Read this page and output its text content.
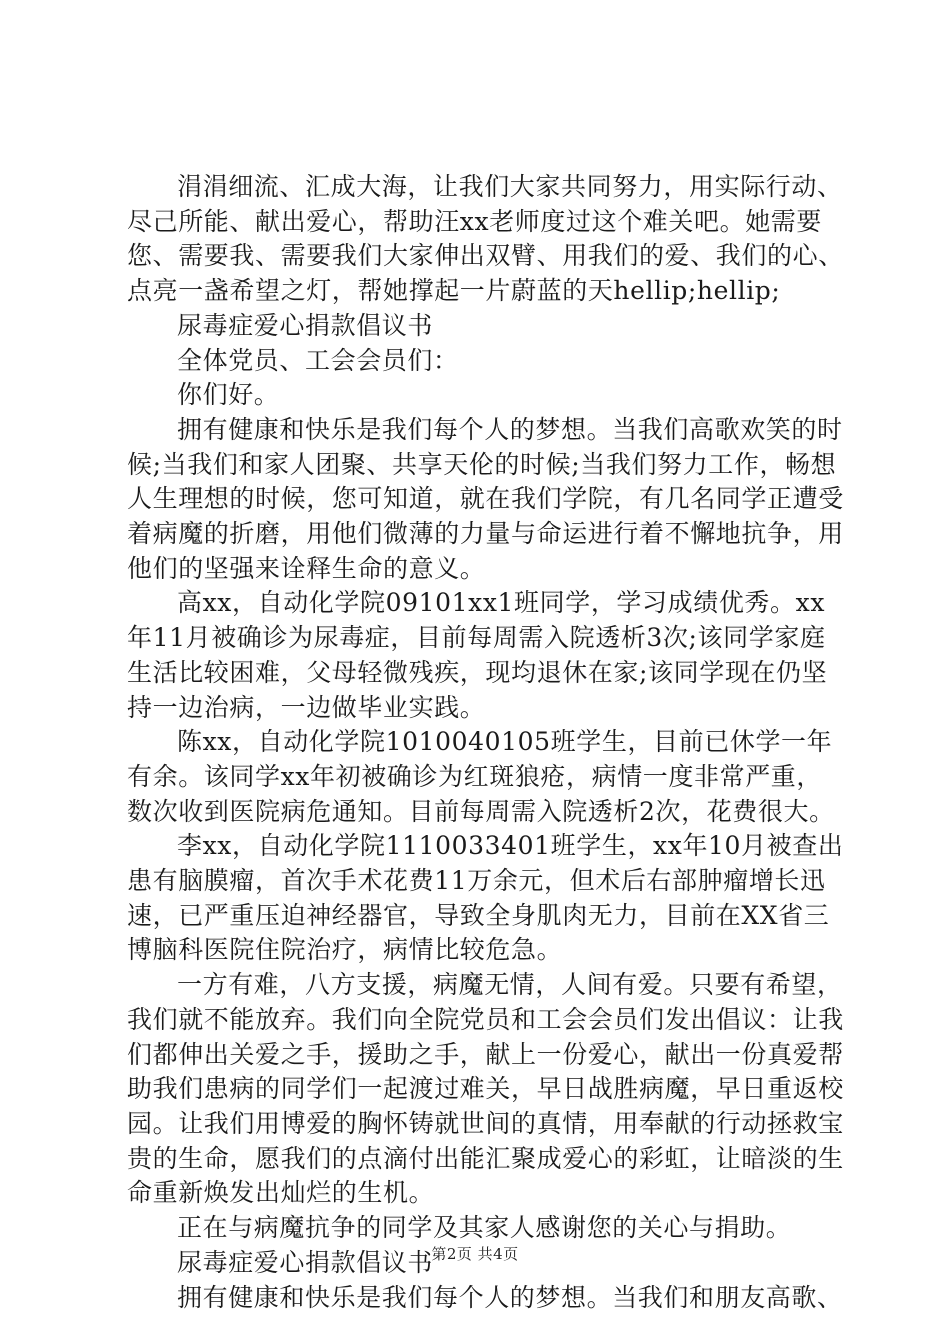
涓涓细流、汇成大海，让我们大家共同努力，用实际行动、尽己所能、献出爱心，帮助汪xx老师度过这个难关吧。她需要您、需要我、需要我们大家伸出双臂、用我们的爱、我们的心、点亮一盏希望之灯，帮她撑起一片蔚蓝的天hellip;hellip;

尿毒症爱心捐款倡议书

全体党员、工会会员们：

你们好。

拥有健康和快乐是我们每个人的梦想。当我们高歌欢笑的时候;当我们和家人团聚、共享天伦的时候;当我们努力工作，畅想人生理想的时候，您可知道，就在我们学院，有几名同学正遭受着病魔的折磨，用他们微薄的力量与命运进行着不懈地抗争，用他们的坚强来诠释生命的意义。

高xx，自动化学院09101xx1班同学，学习成绩优秀。xx年11月被确诊为尿毒症，目前每周需入院透析3次;该同学家庭生活比较困难，父母轻微残疾，现均退休在家;该同学现在仍坚持一边治病，一边做毕业实践。

陈xx，自动化学院1010040105班学生，目前已休学一年有余。该同学xx年初被确诊为红斑狼疮，病情一度非常严重，数次收到医院病危通知。目前每周需入院透析2次，花费很大。

李xx，自动化学院1110033401班学生，xx年10月被查出患有脑膜瘤，首次手术花费11万余元，但术后右部肿瘤增长迅速，已严重压迫神经器官，导致全身肌肉无力，目前在XX省三博脑科医院住院治疗，病情比较危急。

一方有难，八方支援，病魔无情，人间有爱。只要有希望，我们就不能放弃。我们向全院党员和工会会员们发出倡议：让我们都伸出关爱之手，援助之手，献上一份爱心，献出一份真爱帮助我们患病的同学们一起渡过难关，早日战胜病魔，早日重返校园。让我们用博爱的胸怀铸就世间的真情，用奉献的行动拯救宝贵的生命，愿我们的点滴付出能汇聚成爱心的彩虹，让暗淡的生命重新焕发出灿烂的生机。

正在与病魔抗争的同学及其家人感谢您的关心与捐助。

尿毒症爱心捐款倡议书

拥有健康和快乐是我们每个人的梦想。当我们和朋友高歌、

第2页 共4页
